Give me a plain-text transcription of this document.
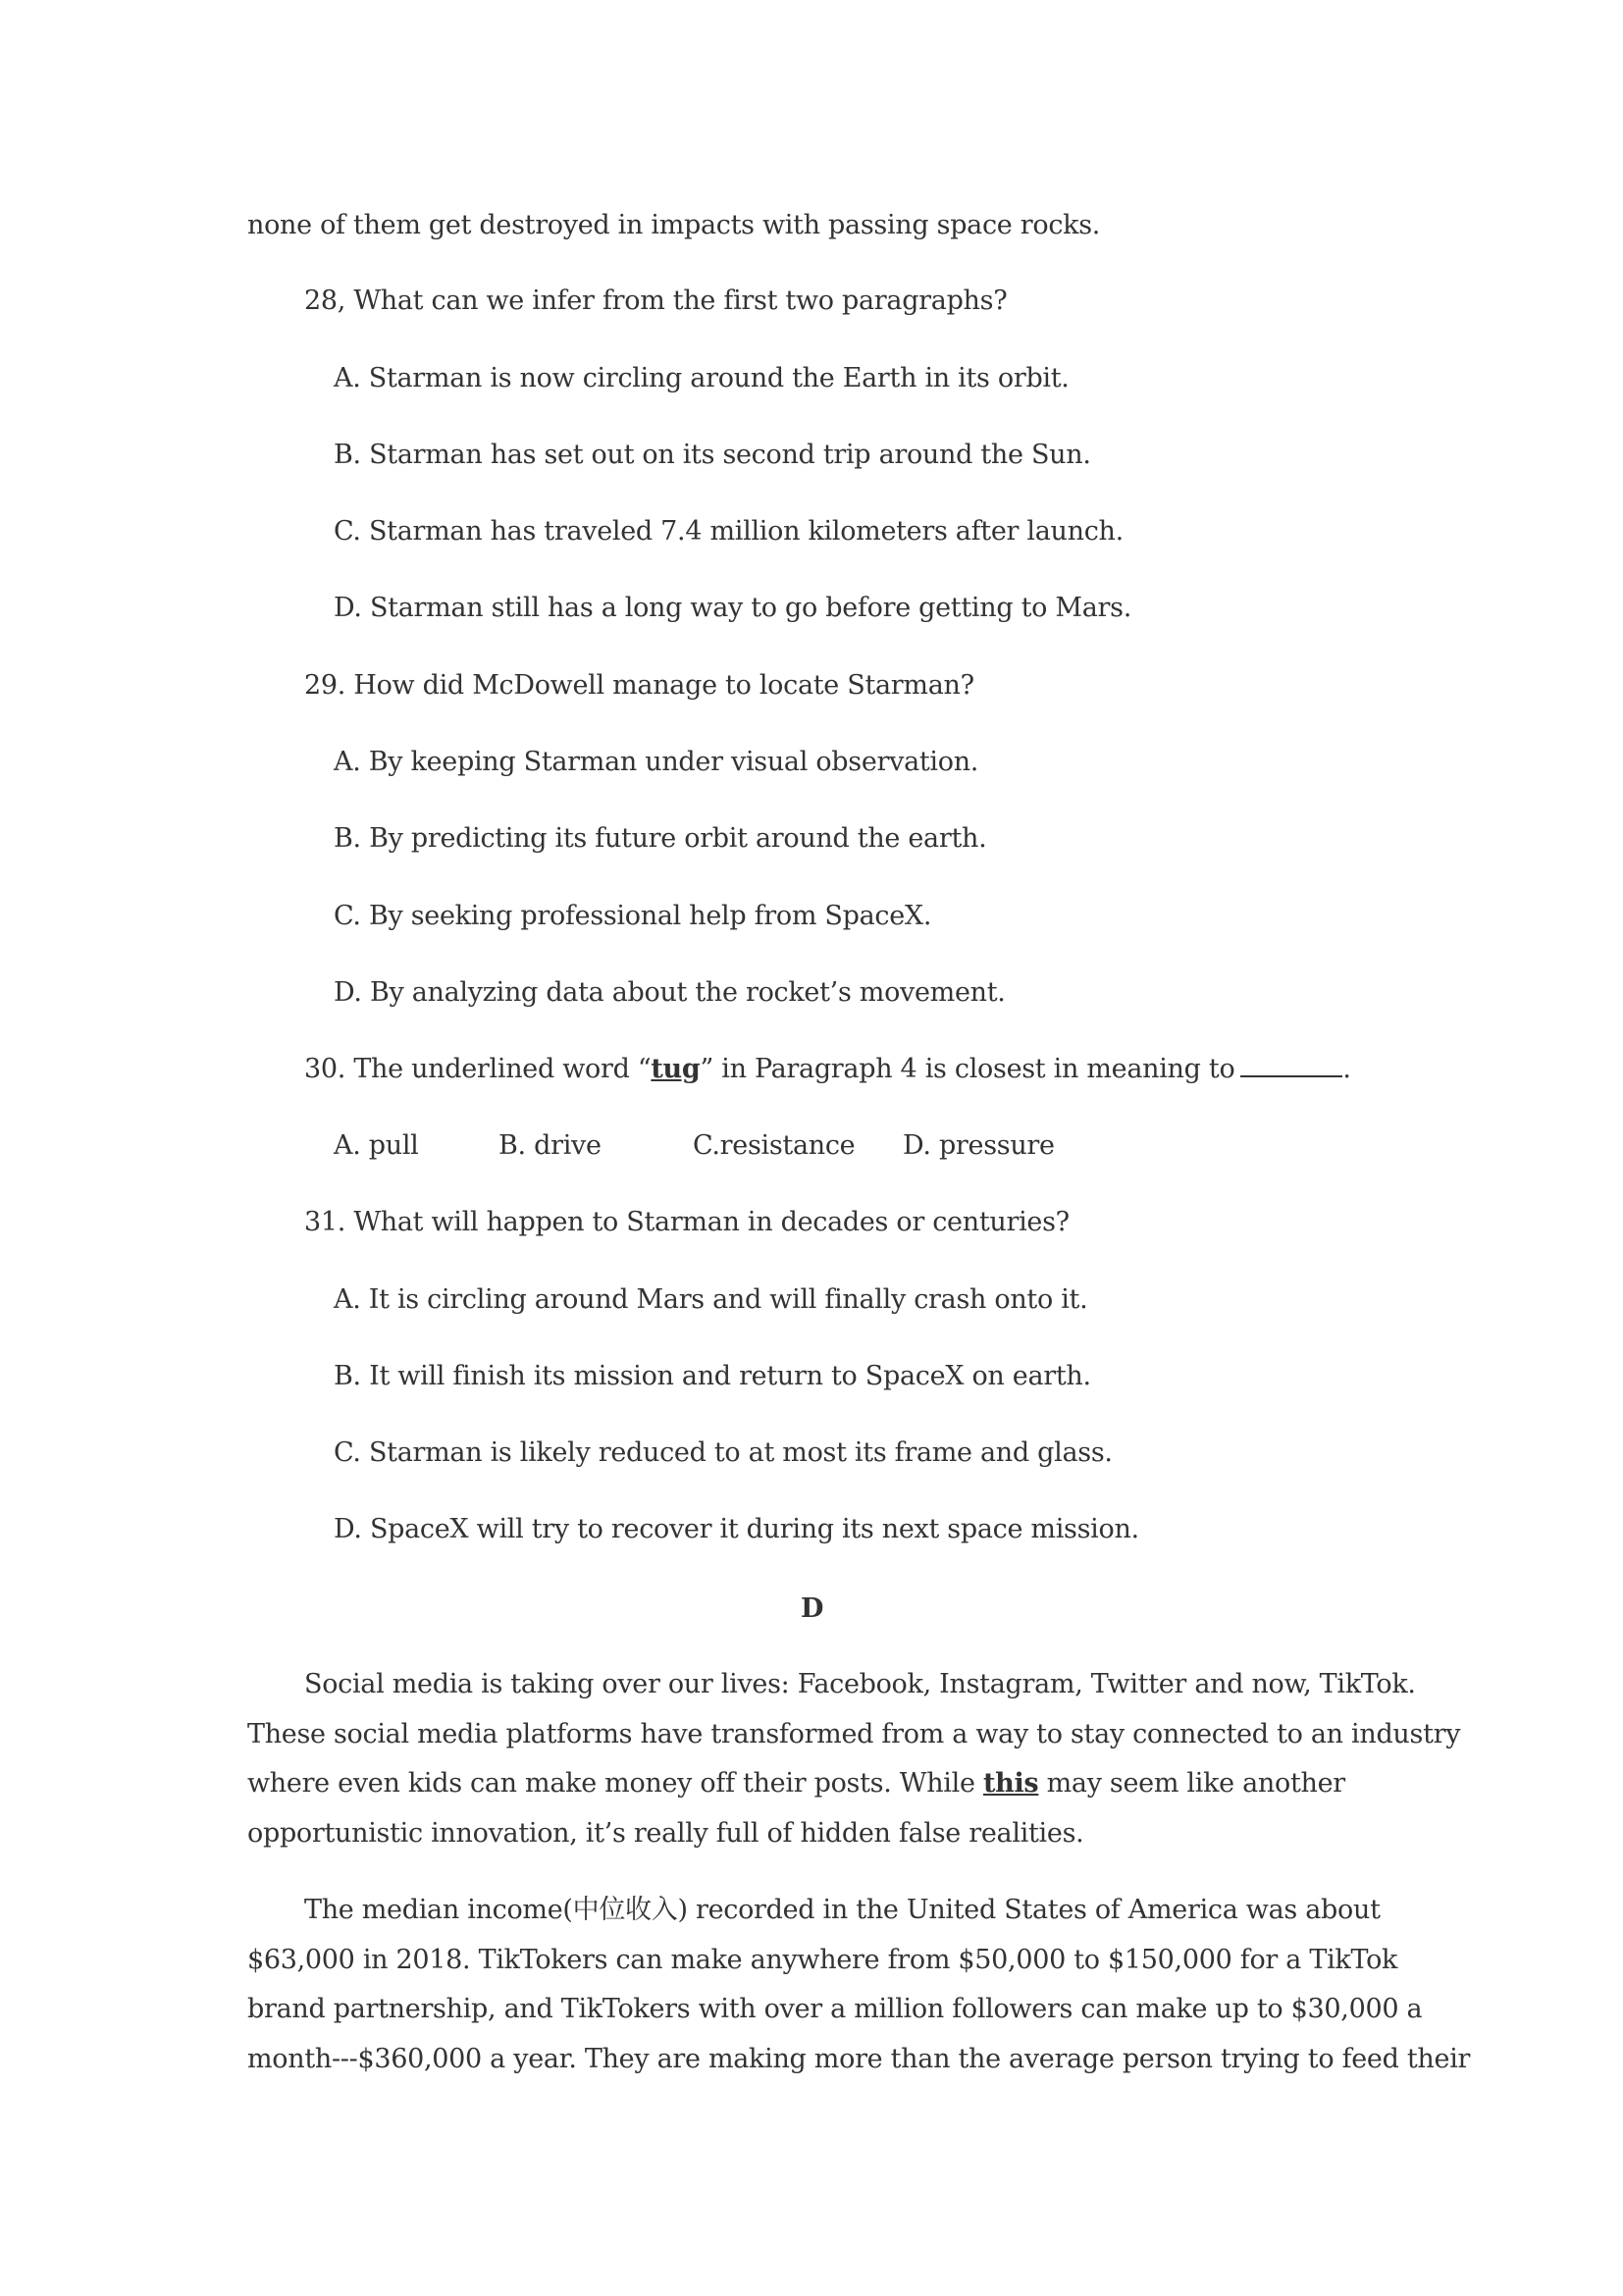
none of them get destroyed in impacts with passing space rocks.
28, What can we infer from the first two paragraphs?
A. Starman is now circling around the Earth in its orbit.
B. Starman has set out on its second trip around the Sun.
C. Starman has traveled 7.4 million kilometers after launch.
D. Starman still has a long way to go before getting to Mars.
29. How did McDowell manage to locate Starman?
A. By keeping Starman under visual observation.
B. By predicting its future orbit around the earth.
C. By seeking professional help from SpaceX.
D. By analyzing data about the rocket’s movement.
30. The underlined word “tug” in Paragraph 4 is closest in meaning to	.
A. pull	B. drive	C.resistance D. pressure
31. What will happen to Starman in decades or centuries?
A. It is circling around Mars and will finally crash onto it.
B. It will finish its mission and return to SpaceX on earth.
C. Starman is likely reduced to at most its frame and glass.
D. SpaceX will try to recover it during its next space mission.
D
Social media is taking over our lives: Facebook, Instagram, Twitter and now, TikTok.
These social media platforms have transformed from a way to stay connected to an industry
where even kids can make money off their posts. While this may seem like another
opportunistic innovation, it’s really full of hidden false realities.
The median income(中位收入) recorded in the United States of America was about
$63,000 in 2018. TikTokers can make anywhere from $50,000 to $150,000 for a TikTok
brand partnership, and TikTokers with over a million followers can make up to $30,000 a
month---$360,000 a year. They are making more than the average person trying to feed their
